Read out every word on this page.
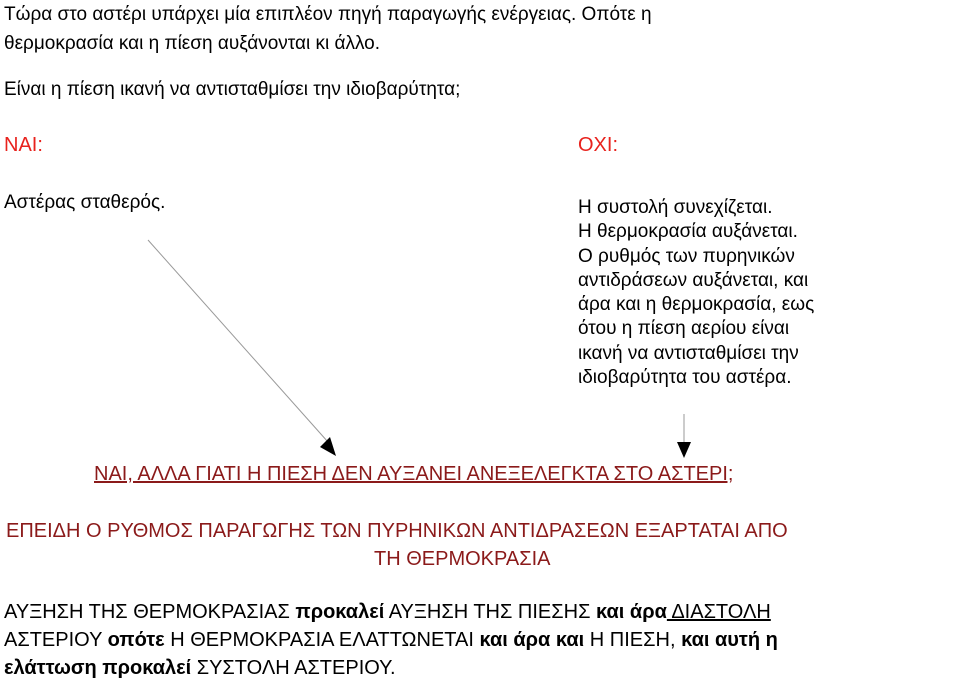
Τώρα στο αστέρι υπάρχει μία επιπλέον πηγή παραγωγής ενέργειας. Οπότε η
θερμοκρασία και η πίεση αυξάνονται κι άλλο.
Είναι η πίεση ικανή να αντισταθμίσει την ιδιοβαρύτητα;
ΝΑΙ:	ΟΧΙ:
Αστέρας σταθερός.	Η συστολή συνεχίζεται.
Η θερμοκρασία αυξάνεται.
Ο ρυθμός των πυρηνικών
αντιδράσεων αυξάνεται, και
άρα και η θερμοκρασία, εως
ότου η πίεση αερίου είναι
ικανή να αντισταθμίσει την
ιδιοβαρύτητα του αστέρα.
ΝΑΙ, ΑΛΛΑ ΓΙΑΤΙ Η ΠΙΕΣΗ ΔΕΝ ΑΥΞΑΝΕΙ ΑΝΕΞΕΛΕΓΚΤΑ ΣΤΟ ΑΣΤΕΡΙ;
ΕΠΕΙΔΗ Ο ΡΥΘΜΟΣ ΠΑΡΑΓΩΓΗΣ ΤΩΝ ΠΥΡΗΝΙΚΩΝ ΑΝΤΙΔΡΑΣΕΩΝ ΕΞΑΡΤΑΤΑΙ ΑΠΟ
ΤΗ ΘΕΡΜΟΚΡΑΣΙΑ
ΑΥΞΗΣΗ ΤΗΣ ΘΕΡΜΟΚΡΑΣΙΑΣ προκαλεί ΑΥΞΗΣΗ ΤΗΣ ΠΙΕΣΗΣ και άρα ΔΙΑΣΤΟΛΗ
ΑΣΤΕΡΙΟΥ οπότε Η ΘΕΡΜΟΚΡΑΣΙΑ ΕΛΑΤΤΩΝΕΤΑΙ και άρα και Η ΠΙΕΣΗ, και αυτή η
ελάττωση προκαλεί ΣΥΣΤΟΛΗ ΑΣΤΕΡΙΟΥ.
